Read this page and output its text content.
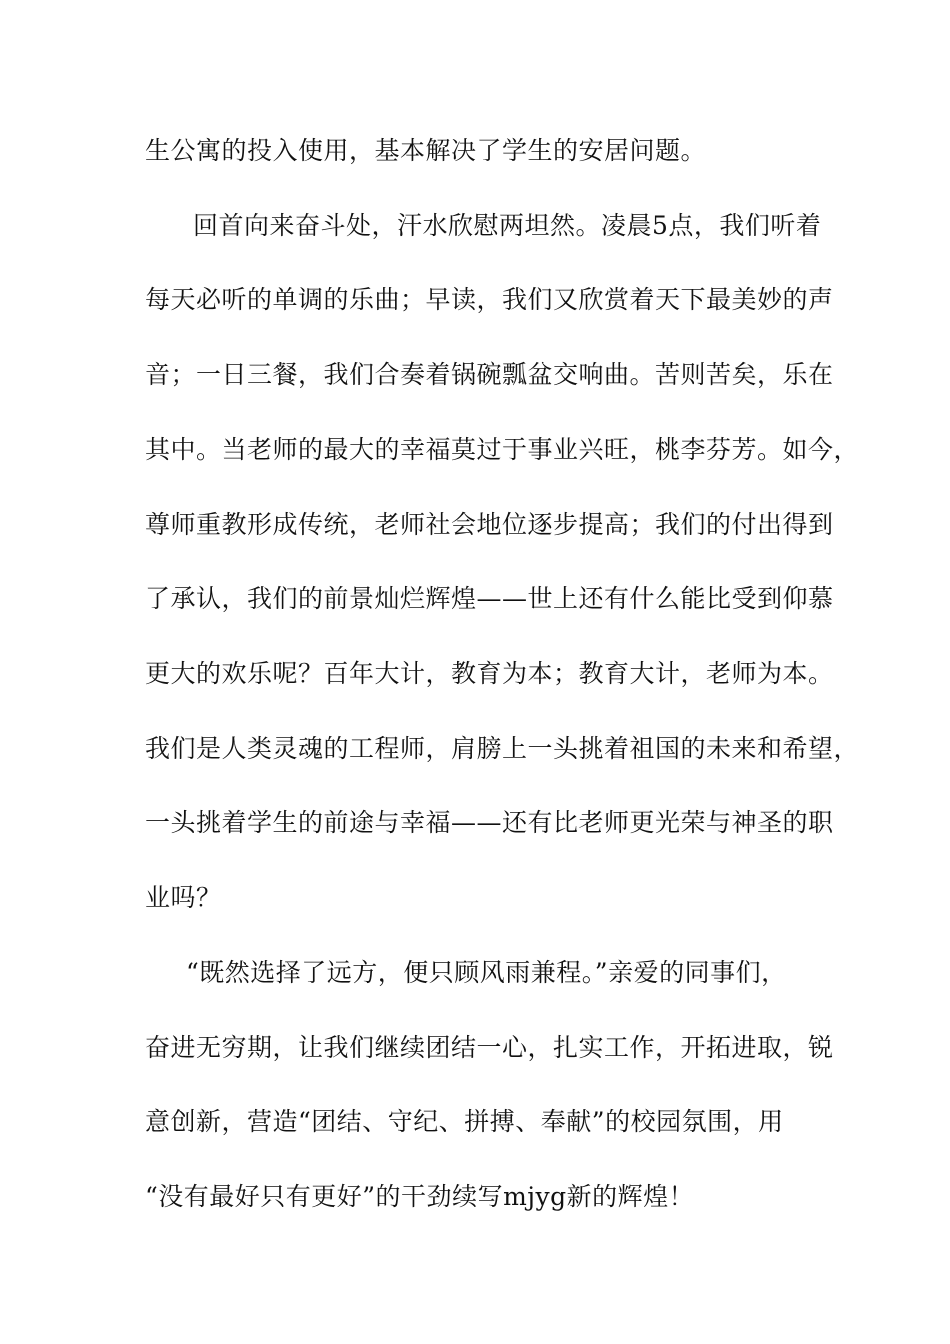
生公寓的投入使用，基本解决了学生的安居问题。
回首向来奋斗处，汗水欣慰两坦然。凌晨5点，我们听着
每天必听的单调的乐曲；早读，我们又欣赏着天下最美妙的声
音；一日三餐，我们合奏着锅碗瓢盆交响曲。苦则苦矣，乐在
其中。当老师的最大的幸福莫过于事业兴旺，桃李芬芳。如今，
尊师重教形成传统，老师社会地位逐步提高；我们的付出得到
了承认，我们的前景灿烂辉煌——世上还有什么能比受到仰慕
更大的欢乐呢？百年大计，教育为本；教育大计，老师为本。
我们是人类灵魂的工程师，肩膀上一头挑着祖国的未来和希望，
一头挑着学生的前途与幸福——还有比老师更光荣与神圣的职
业吗？
“既然选择了远方，便只顾风雨兼程。”亲爱的同事们，
奋进无穷期，让我们继续团结一心，扎实工作，开拓进取，锐
意创新，营造“团结、守纪、拼搏、奉献”的校园氛围，用
“没有最好只有更好”的干劲续写mjyg新的辉煌！
